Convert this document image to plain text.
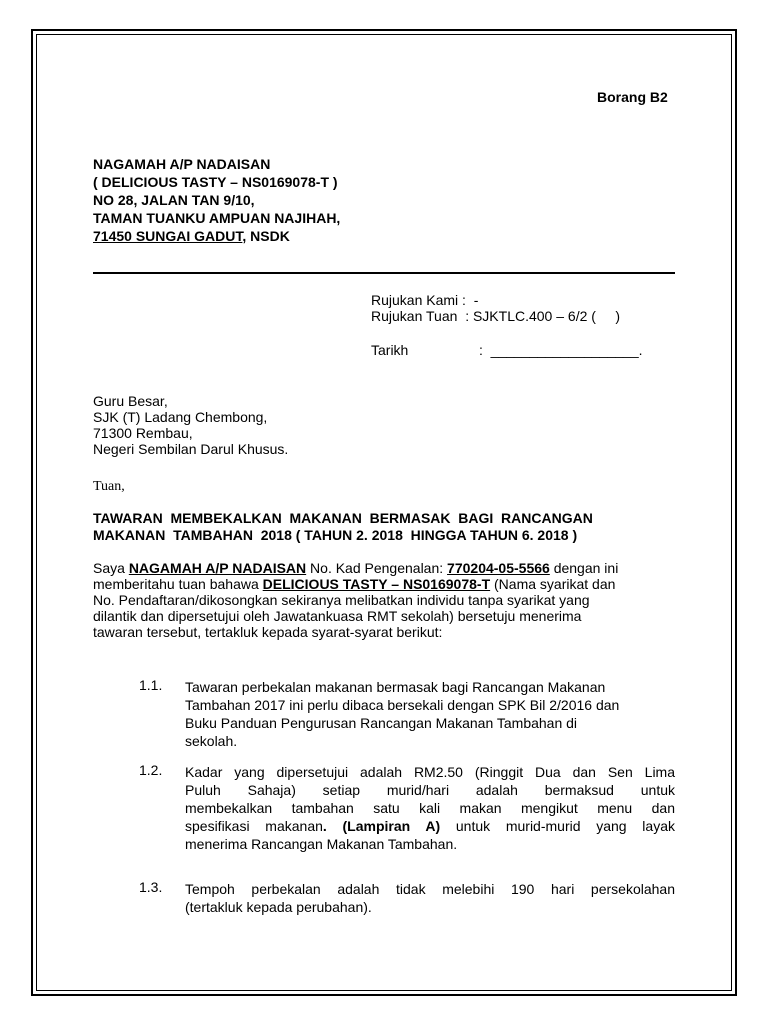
Borang B2
NAGAMAH A/P NADAISAN
( DELICIOUS TASTY – NS0169078-T )
NO 28, JALAN TAN 9/10,
TAMAN TUANKU AMPUAN NAJIHAH,
71450 SUNGAI GADUT, NSDK
Rujukan Kami : -
Rujukan Tuan : SJKTLC.400 – 6/2 (     )
Tarikh	:  ___________________.
Guru Besar,
SJK (T) Ladang Chembong,
71300 Rembau,
Negeri Sembilan Darul Khusus.
Tuan,
TAWARAN  MEMBEKALKAN  MAKANAN  BERMASAK  BAGI  RANCANGAN
MAKANAN  TAMBAHAN  2018 ( TAHUN 2. 2018  HINGGA TAHUN 6. 2018 )
Saya NAGAMAH A/P NADAISAN No. Kad Pengenalan: 770204-05-5566 dengan ini
memberitahu tuan bahawa DELICIOUS TASTY – NS0169078-T (Nama syarikat dan
No. Pendaftaran/dikosongkan sekiranya melibatkan individu tanpa syarikat yang
dilantik dan dipersetujui oleh Jawatankuasa RMT sekolah) bersetuju menerima
tawaran tersebut, tertakluk kepada syarat-syarat berikut:
1.1. Tawaran perbekalan makanan bermasak bagi Rancangan Makanan
Tambahan 2017 ini perlu dibaca bersekali dengan SPK Bil 2/2016 dan
Buku Panduan Pengurusan Rancangan Makanan Tambahan di
sekolah.
1.2. Kadar yang dipersetujui adalah RM2.50 (Ringgit Dua dan Sen Lima
Puluh Sahaja) setiap murid/hari adalah bermaksud untuk
membekalkan tambahan satu kali makan mengikut menu dan
spesifikasi makanan. (Lampiran A) untuk murid-murid yang layak
menerima Rancangan Makanan Tambahan.
1.3. Tempoh perbekalan adalah tidak melebihi 190 hari persekolahan
(tertakluk kepada perubahan).
